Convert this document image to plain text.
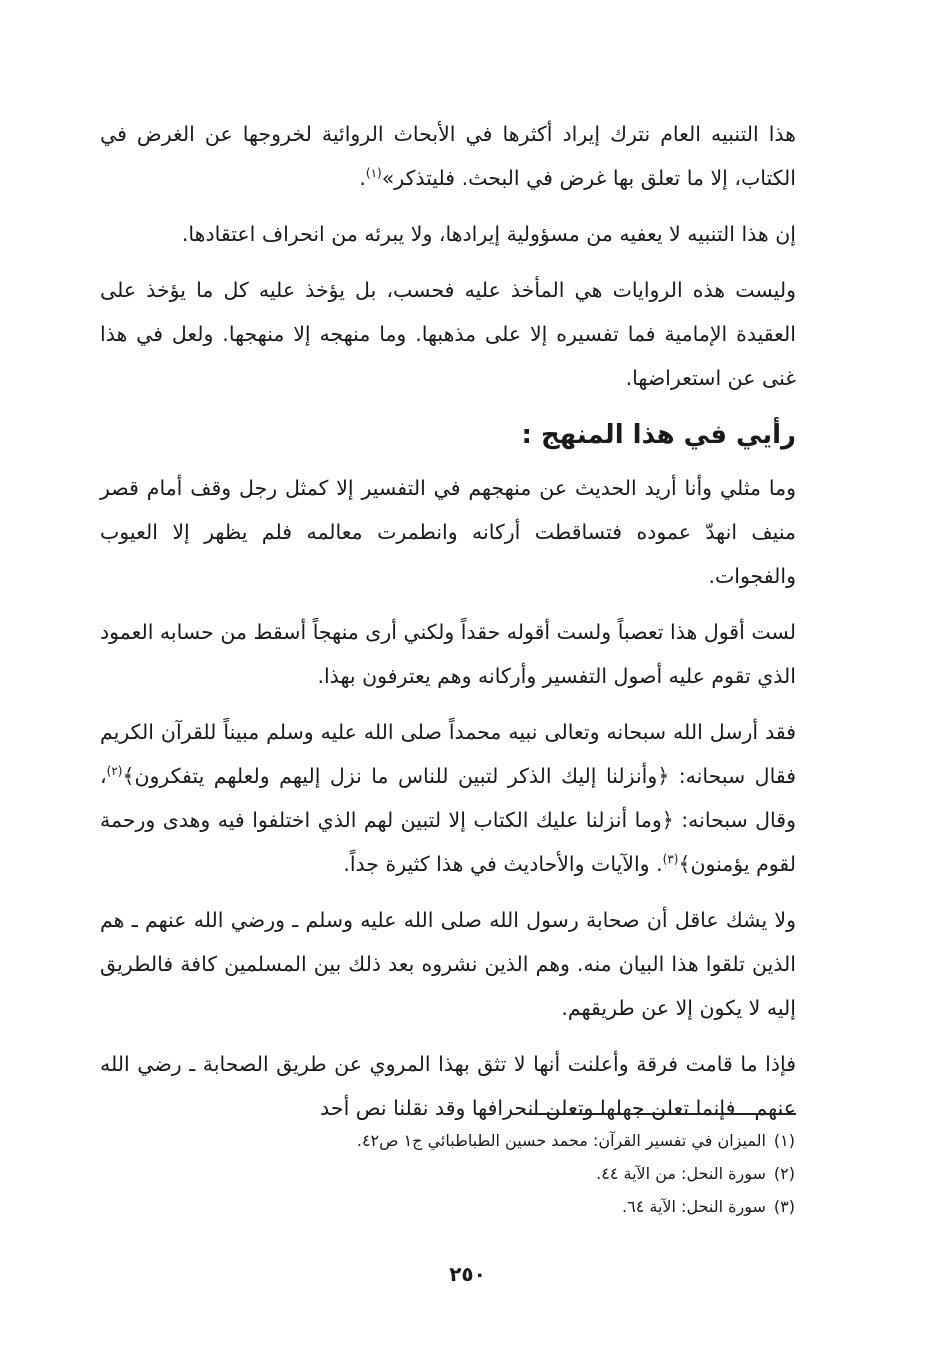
هذا التنبيه العام نترك إيراد أكثرها في الأبحاث الروائية لخروجها عن الغرض في الكتاب، إلا ما تعلق بها غرض في البحث. فليتذكر»$^{(١)}$.

إن هذا التنبيه لا يعفيه من مسؤولية إيرادها، ولا يبرئه من انحراف اعتقادها.

وليست هذه الروايات هي المأخذ عليه فحسب، بل يؤخذ عليه كل ما يؤخذ على العقيدة الإمامية فما تفسيره إلا على مذهبها. وما منهجه إلا منهجها. ولعل في هذا غنى عن استعراضها.

رأيي في هذا المنهج :

وما مثلي وأنا أريد الحديث عن منهجهم في التفسير إلا كمثل رجل وقف أمام قصر منيف انهدّ عموده فتساقطت أركانه وانطمرت معالمه فلم يظهر إلا العيوب والفجوات.

لست أقول هذا تعصباً ولست أقوله حقداً ولكني أرى منهجاً أسقط من حسابه العمود الذي تقوم عليه أصول التفسير وأركانه وهم يعترفون بهذا.

فقد أرسل الله سبحانه وتعالى نبيه محمداً صلى الله عليه وسلم مبيناً للقرآن الكريم فقال سبحانه: ﴿وأنزلنا إليك الذكر لتبين للناس ما نزل إليهم ولعلهم يتفكرون﴾$^{(٢)}$، وقال سبحانه: ﴿وما أنزلنا عليك الكتاب إلا لتبين لهم الذي اختلفوا فيه وهدى ورحمة لقوم يؤمنون﴾$^{(٣)}$. والآيات والأحاديث في هذا كثيرة جداً.

ولا يشك عاقل أن صحابة رسول الله صلى الله عليه وسلم ـ ورضي الله عنهم ـ هم الذين تلقوا هذا البيان منه. وهم الذين نشروه بعد ذلك بين المسلمين كافة فالطريق إليه لا يكون إلا عن طريقهم.

فإذا ما قامت فرقة وأعلنت أنها لا تثق بهذا المروي عن طريق الصحابة ـ رضي الله عنهم ـ فإنما تعلن جهلها وتعلن انحرافها وقد نقلنا نص أحد

(١)الميزان في تفسير القرآن: محمد حسين الطباطبائي ج١ ص٤٢.

(٢)سورة النحل: من الآية ٤٤.

(٣)سورة النحل: الآية ٦٤.

٢٥٠
